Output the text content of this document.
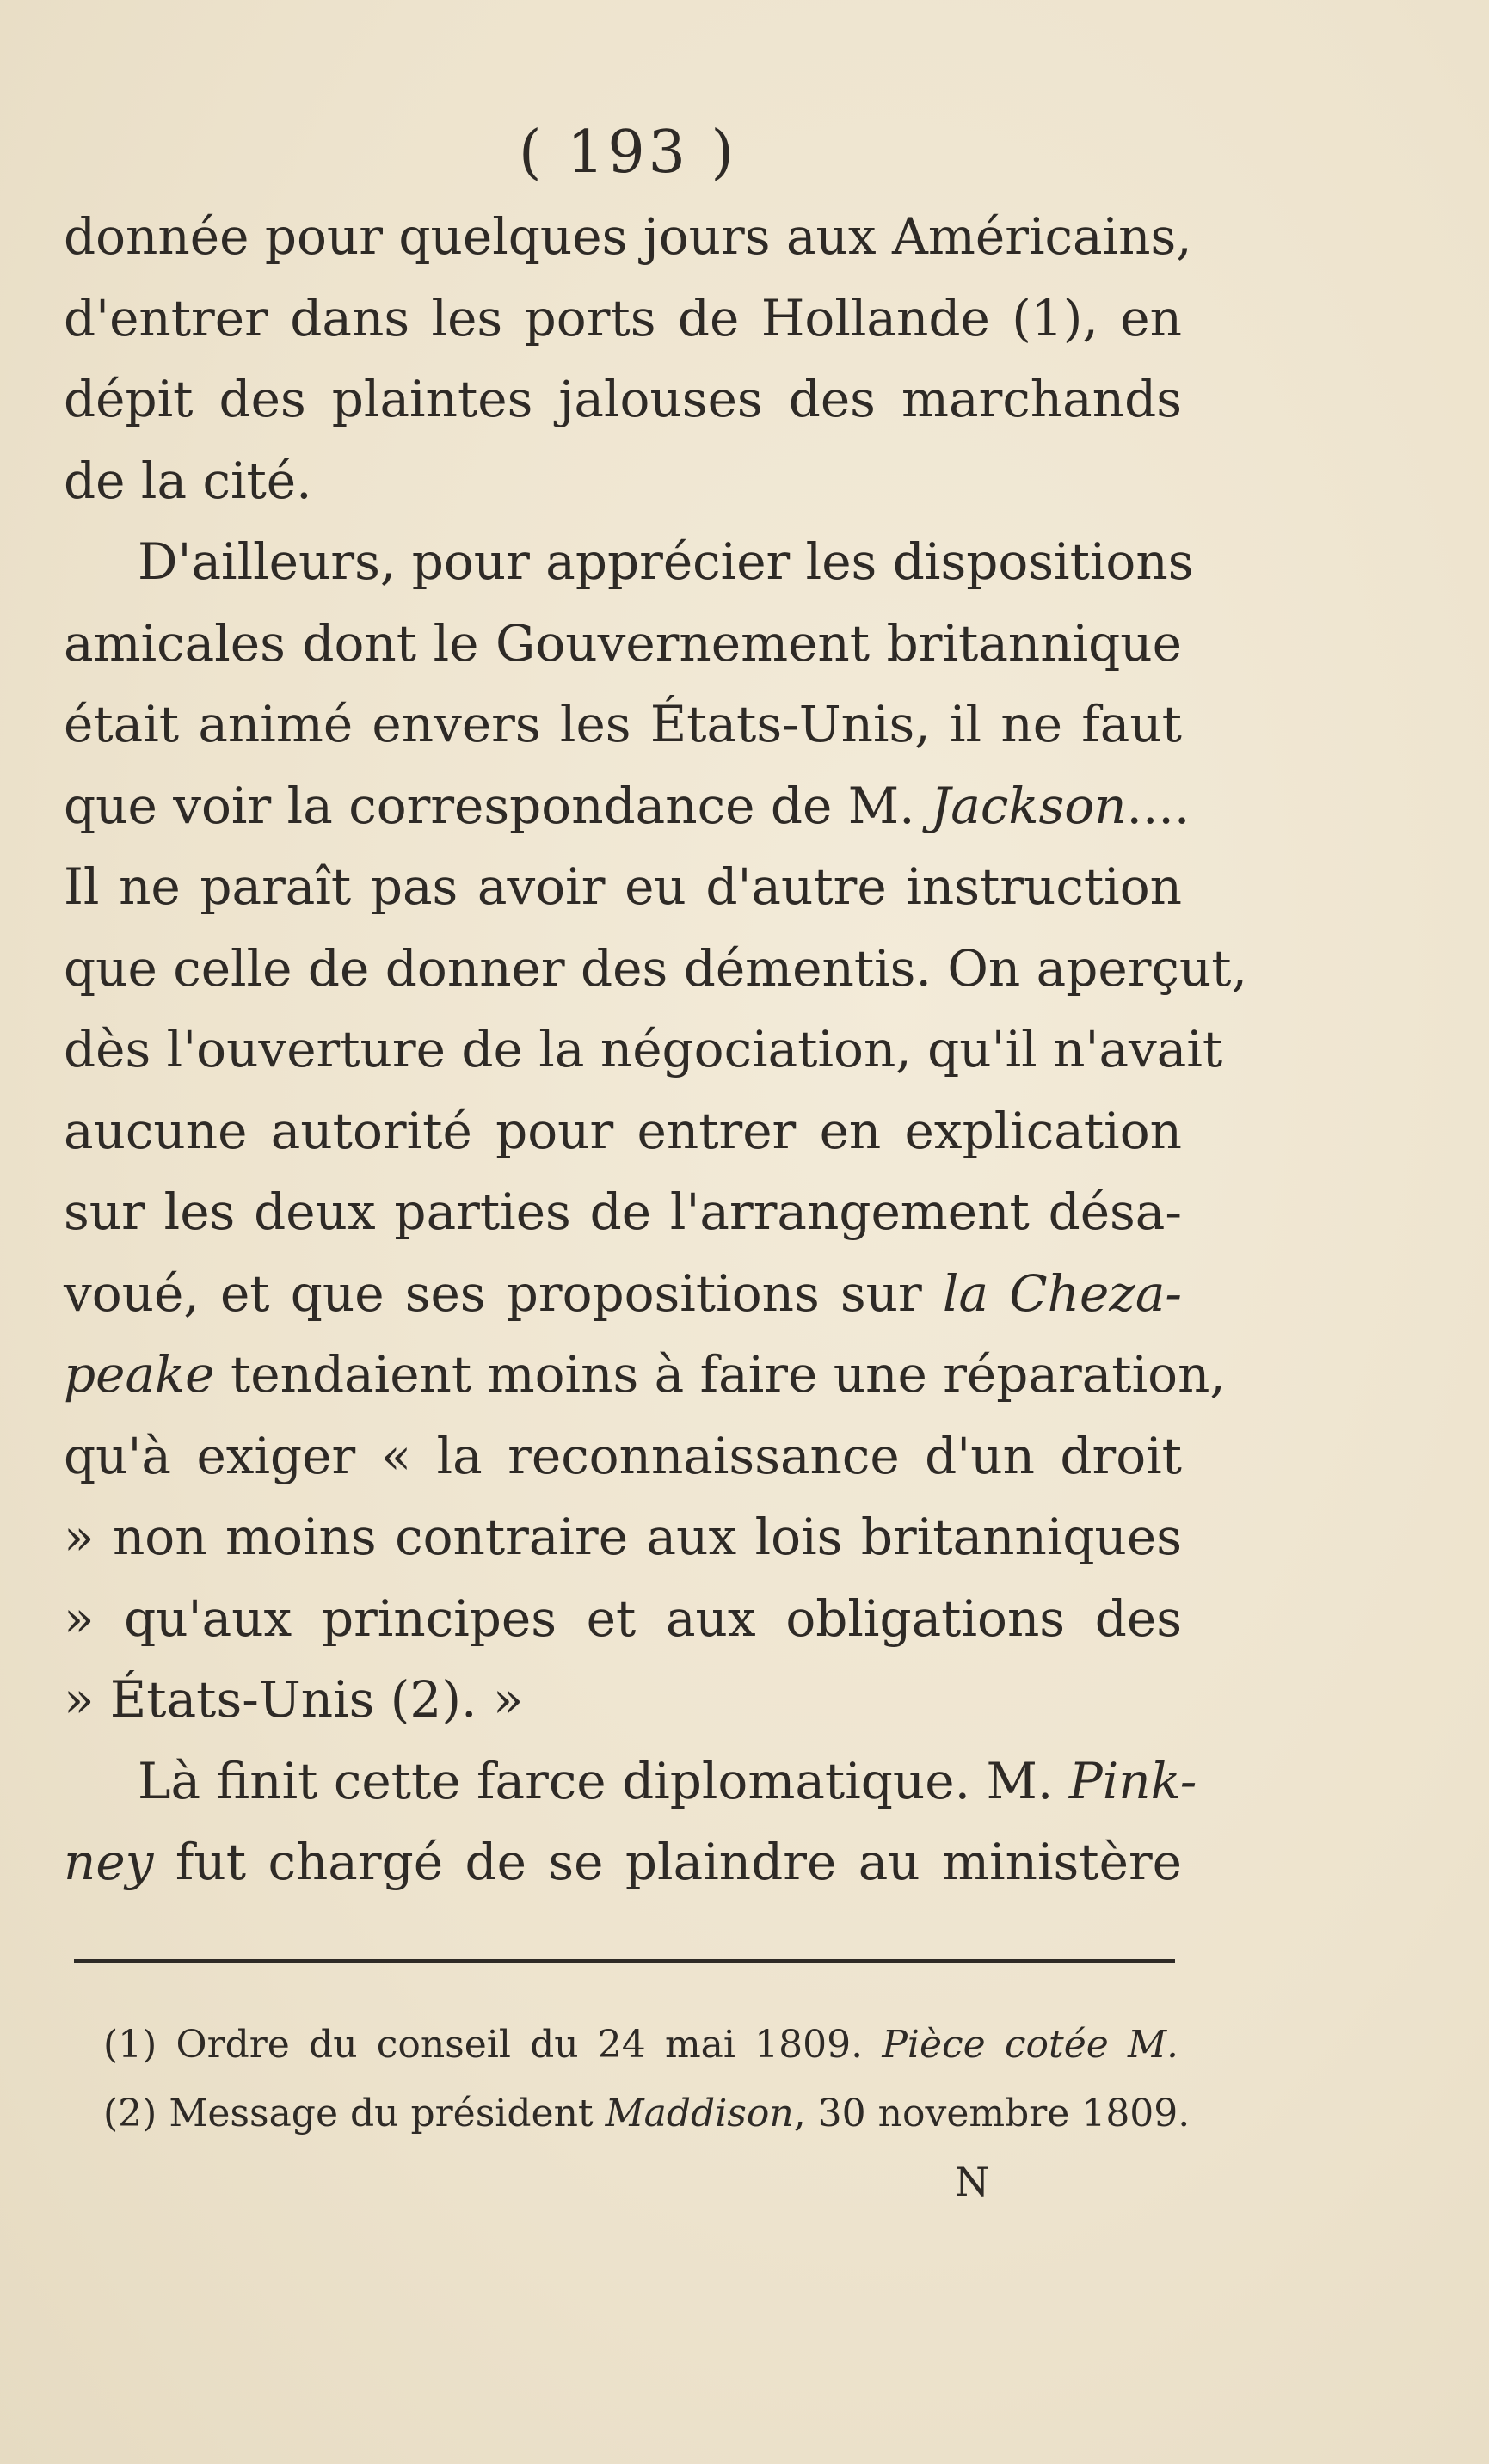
( 193 )
donnée pour quelques jours aux Américains,
d'entrer dans les ports de Hollande (1), en
dépit des plaintes jalouses des marchands
de la cité.
D'ailleurs, pour apprécier les dispositions
amicales dont le Gouvernement britannique
était animé envers les États-Unis, il ne faut
que voir la correspondance de M. Jackson....
Il ne paraît pas avoir eu d'autre instruction
que celle de donner des démentis. On aperçut,
dès l'ouverture de la négociation, qu'il n'avait
aucune autorité pour entrer en explication
sur les deux parties de l'arrangement désa-
voué, et que ses propositions sur la Cheza-
peake tendaient moins à faire une réparation,
qu'à exiger « la reconnaissance d'un droit
» non moins contraire aux lois britanniques
» qu'aux principes et aux obligations des
» États-Unis (2). »
Là finit cette farce diplomatique. M. Pink-
ney fut chargé de se plaindre au ministère
(1) Ordre du conseil du 24 mai 1809. Pièce cotée M.
(2) Message du président Maddison, 30 novembre 1809.
N
